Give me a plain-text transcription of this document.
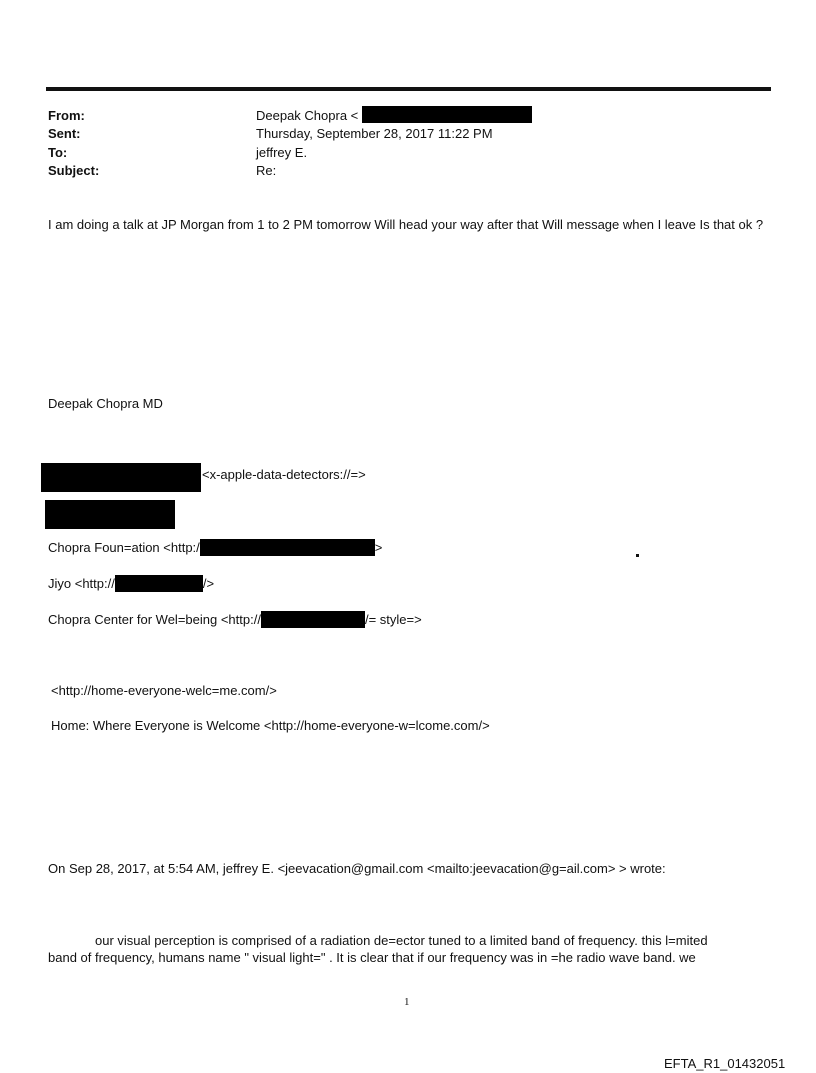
From:	Deepak Chopra <
Sent:	Thursday, September 28, 2017 11:22 PM
To:	jeffrey E.
Subject:	Re:
I am doing a talk at JP Morgan from 1 to 2 PM tomorrow Will head your way after that Will message when I leave Is that ok ?
Deepak Chopra MD
<x-apple-data-detectors://=>
Chopra Foun=ation <http:/	>
Jiyo <http://	/>
Chopra Center for Wel=being <http://	/= style=>
<http://home-everyone-welc=me.com/>
Home: Where Everyone is Welcome <http://home-everyone-w=lcome.com/>
On Sep 28, 2017, at 5:54 AM, jeffrey E. <jeevacation@gmail.com <mailto:jeevacation@g=ail.com> > wrote:
our visual perception is comprised of a radiation de=ector tuned to a limited band of frequency. this l=mited
band of frequency, humans name " visual light=" . It is clear that if our frequency was in =he radio wave band. we
1
EFTA_R1_01432051
